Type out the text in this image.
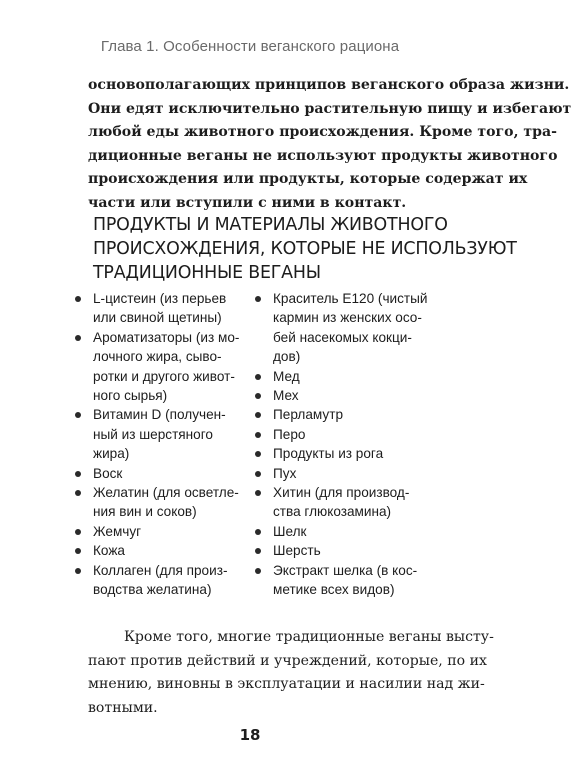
Глава 1. Особенности веганского рациона

основополагающих принципов веганского образа жизни.
Они едят исключительно растительную пищу и избегают
любой еды животного происхождения. Кроме того, тра-
диционные веганы не используют продукты животного
происхождения или продукты, которые содержат их
части или вступили с ними в контакт.

ПРОДУКТЫ И МАТЕРИАЛЫ ЖИВОТНОГО
ПРОИСХОЖДЕНИЯ, КОТОРЫЕ НЕ ИСПОЛЬЗУЮТ
ТРАДИЦИОННЫЕ ВЕГАНЫ
L-цистеин (из перьев
или свиной щетины)
Ароматизаторы (из мо-
лочного жира, сыво-
ротки и другого живот-
ного сырья)
Витамин D (получен-
ный из шерстяного
жира)
Воск
Желатин (для осветле-
ния вин и соков)
Жемчуг
Кожа
Коллаген (для произ-
водства желатина)
Краситель Е120 (чистый
кармин из женских осо-
бей насекомых кокци-
дов)
Мед
Мех
Перламутр
Перо
Продукты из рога
Пух
Хитин (для производ-
ства глюкозамина)
Шелк
Шерсть
Экстракт шелка (в кос-
метике всех видов)

Кроме того, многие традиционные веганы высту-
пают против действий и учреждений, которые, по их
мнению, виновны в эксплуатации и насилии над жи-
вотными.

18
